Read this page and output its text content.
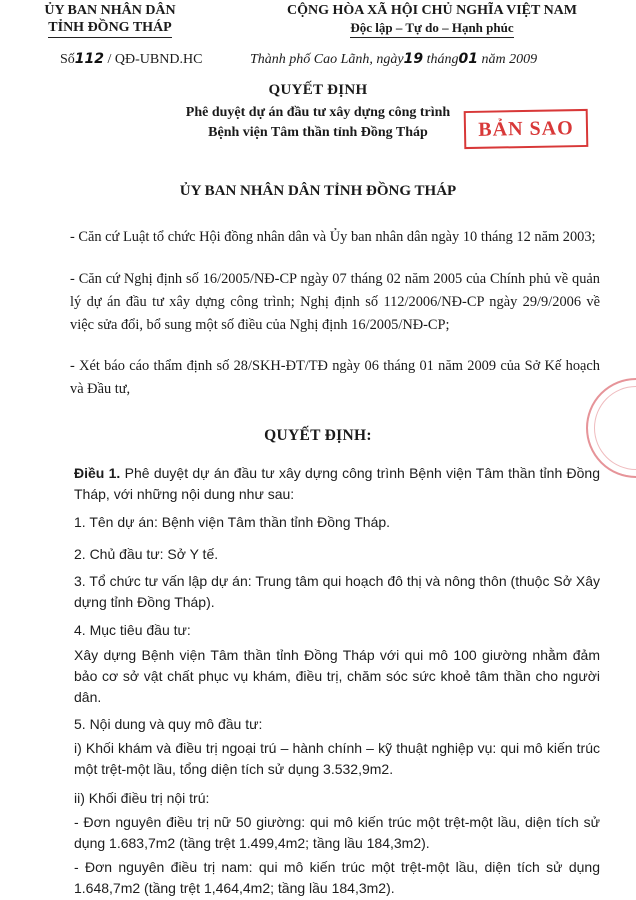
ỦY BAN NHÂN DÂN
TỈNH ĐỒNG THÁP
CỘNG HÒA XÃ HỘI CHỦ NGHĨA VIỆT NAM
Độc lập – Tự do – Hạnh phúc
Số112 / QĐ-UBND.HC	Thành phố Cao Lãnh, ngày19 tháng01 năm 2009
QUYẾT ĐỊNH
Phê duyệt dự án đầu tư xây dựng công trình
Bệnh viện Tâm thần tỉnh Đồng Tháp	BẢN SAO
ỦY BAN NHÂN DÂN TỈNH ĐỒNG THÁP
- Căn cứ Luật tổ chức Hội đồng nhân dân và Ủy ban nhân dân ngày 10 tháng 12 năm 2003;
- Căn cứ Nghị định số 16/2005/NĐ-CP ngày 07 tháng 02 năm 2005 của Chính phủ về quản lý dự án đầu tư xây dựng công trình; Nghị định số 112/2006/NĐ-CP ngày 29/9/2006 về việc sửa đổi, bổ sung một số điều của Nghị định 16/2005/NĐ-CP;
- Xét báo cáo thẩm định số 28/SKH-ĐT/TĐ ngày 06 tháng 01 năm 2009 của Sở Kế hoạch và Đầu tư,
QUYẾT ĐỊNH:
Điều 1. Phê duyệt dự án đầu tư xây dựng công trình Bệnh viện Tâm thần tỉnh Đồng Tháp, với những nội dung như sau:
1. Tên dự án: Bệnh viện Tâm thần tỉnh Đồng Tháp.
2. Chủ đầu tư: Sở Y tế.
3. Tổ chức tư vấn lập dự án: Trung tâm qui hoạch đô thị và nông thôn (thuộc Sở Xây dựng tỉnh Đồng Tháp).
4. Mục tiêu đầu tư:
Xây dựng Bệnh viện Tâm thần tỉnh Đồng Tháp với qui mô 100 giường nhằm đảm bảo cơ sở vật chất phục vụ khám, điều trị, chăm sóc sức khoẻ tâm thần cho người dân.
5. Nội dung và quy mô đầu tư:
i) Khối khám và điều trị ngoại trú – hành chính – kỹ thuật nghiệp vụ: qui mô kiến trúc một trệt-một lầu, tổng diện tích sử dụng 3.532,9m2.
ii) Khối điều trị nội trú:
- Đơn nguyên điều trị nữ 50 giường: qui mô kiến trúc một trệt-một lầu, diện tích sử dụng 1.683,7m2 (tầng trệt 1.499,4m2; tầng lầu 184,3m2).
- Đơn nguyên điều trị nam: qui mô kiến trúc một trệt-một lầu, diện tích sử dụng 1.648,7m2 (tầng trệt 1,464,4m2; tầng lầu 184,3m2).
